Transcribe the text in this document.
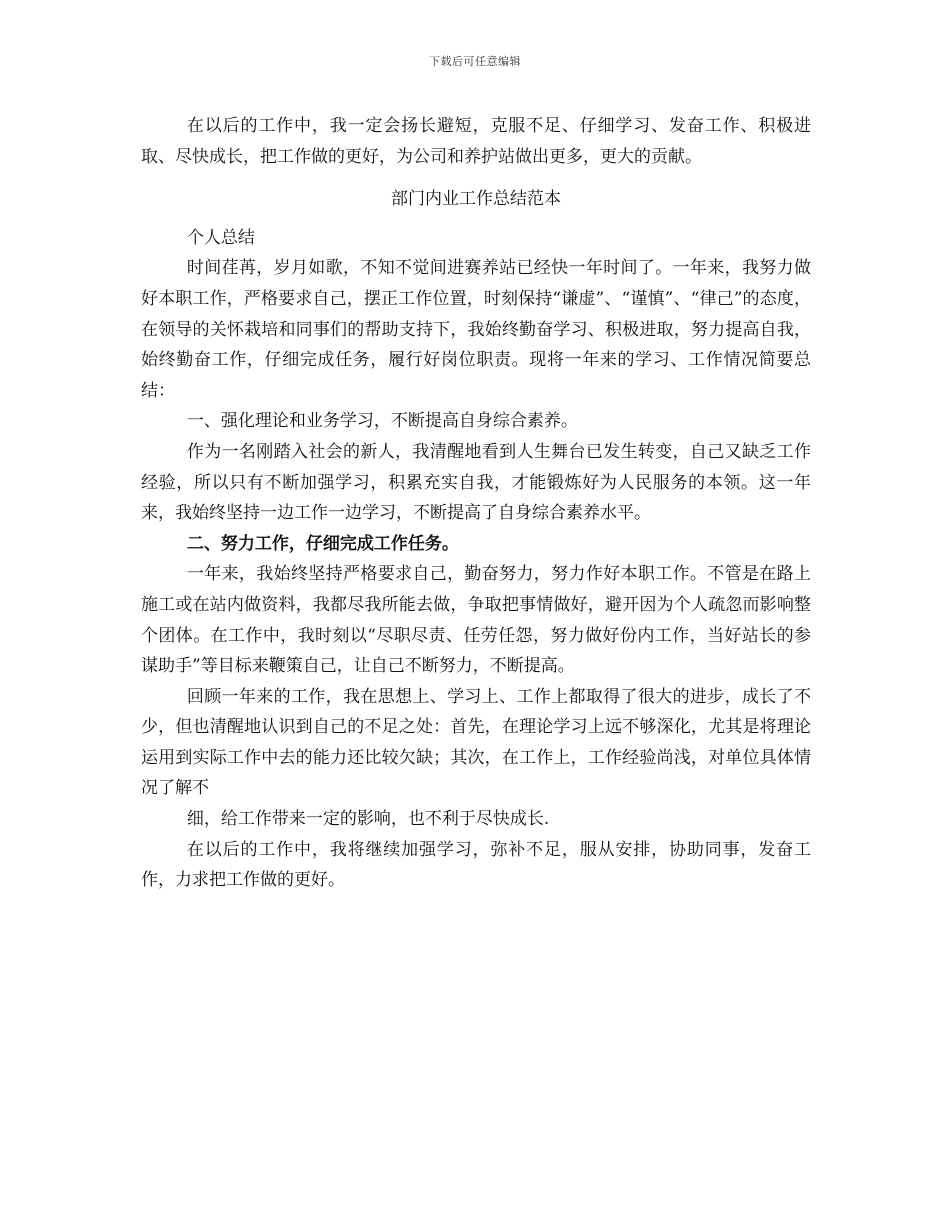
下载后可任意编辑

在以后的工作中，我一定会扬长避短，克服不足、仔细学习、发奋工作、积极进取、尽快成长，把工作做的更好，为公司和养护站做出更多，更大的贡献。

部门内业工作总结范本

个人总结

时间荏苒，岁月如歌，不知不觉间进赛养站已经快一年时间了。一年来，我努力做好本职工作，严格要求自己，摆正工作位置，时刻保持“谦虚”、“谨慎”、“律己”的态度，在领导的关怀栽培和同事们的帮助支持下，我始终勤奋学习、积极进取，努力提高自我，始终勤奋工作，仔细完成任务，履行好岗位职责。现将一年来的学习、工作情况简要总结：

一、强化理论和业务学习，不断提高自身综合素养。

作为一名刚踏入社会的新人，我清醒地看到人生舞台已发生转变，自己又缺乏工作经验，所以只有不断加强学习，积累充实自我，才能锻炼好为人民服务的本领。这一年来，我始终坚持一边工作一边学习，不断提高了自身综合素养水平。

二、努力工作，仔细完成工作任务。

一年来，我始终坚持严格要求自己，勤奋努力，努力作好本职工作。不管是在路上施工或在站内做资料，我都尽我所能去做，争取把事情做好，避开因为个人疏忽而影响整个团体。在工作中，我时刻以“尽职尽责、任劳任怨，努力做好份内工作，当好站长的参谋助手”等目标来鞭策自己，让自己不断努力，不断提高。

回顾一年来的工作，我在思想上、学习上、工作上都取得了很大的进步，成长了不少，但也清醒地认识到自己的不足之处：首先，在理论学习上远不够深化，尤其是将理论运用到实际工作中去的能力还比较欠缺；其次，在工作上，工作经验尚浅，对单位具体情况了解不

细，给工作带来一定的影响，也不利于尽快成长.

在以后的工作中，我将继续加强学习，弥补不足，服从安排，协助同事，发奋工作，力求把工作做的更好。
